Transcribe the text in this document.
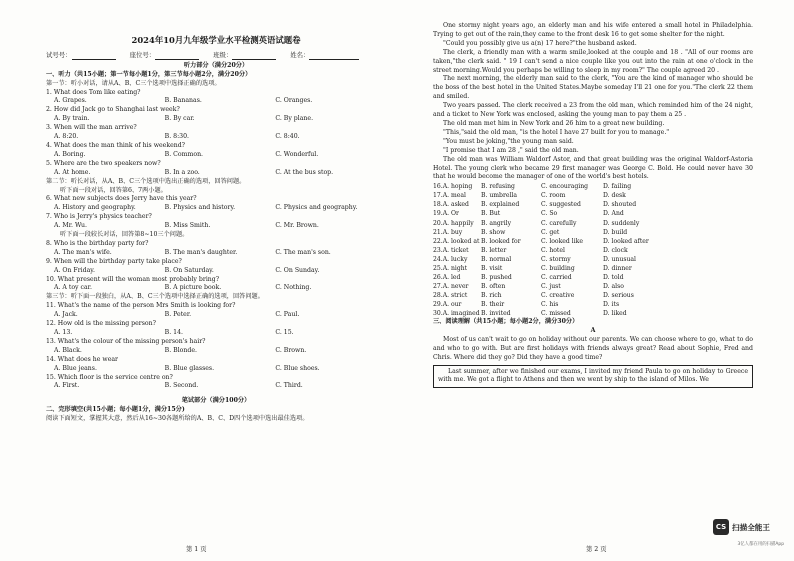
2024年10月九年级学业水平检测英语试题卷
试号号：	座位号：	班级：	姓名：
听力部分（满分20分）
一、听力（共15小题；第一节每小题1分，第三节每小题2分，满分20分）
第一节：听小对话，请从A、B、C三个选项中选择正确的选项。
1. What does Tom like eating?
A. Grapes.	B. Bananas.	C. Oranges.
2. How did Jack go to Shanghai last week?
A. By train.	B. By car.	C. By plane.
3. When will the man arrive?
A. 8:20.	B. 8:30.	C. 8:40.
4. What does the man think of his weekend?
A. Boring.	B. Common.	C. Wonderful.
5. Where are the two speakers now?
A. At home.	B. In a zoo.	C. At the bus stop.
第二节：听长对话，从A、B、C三个选项中选出正确的选项，回答问题。
听下面一段对话，回答第6、7两小题。
6. What new subjects does Jerry have this year?
A. History and geography.	B. Physics and history.	C. Physics and geography.
7. Who is Jerry's physics teacher?
A. Mr. Wu.	B. Miss Smith.	C. Mr. Brown.
听下面一段较长对话，回答第8~10三个问题。
8. Who is the birthday party for?
A. The man's wife.	B. The man's daughter.	C. The man's son.
9. When will the birthday party take place?
A. On Friday.	B. On Saturday.	C. On Sunday.
10. What present will the woman most probably bring?
A. A toy car.	B. A picture book.	C. Nothing.
第三节：听下面一段独白，从A、B、C三个选项中选择正确的选项，回答问题。
11. What's the name of the person Mrs Smith is looking for?
A. Jack.	B. Peter.	C. Paul.
12. How old is the missing person?
A. 13.	B. 14.	C. 15.
13. What's the colour of the missing person's hair?
A. Black.	B. Blonde.	C. Brown.
14. What does he wear
A. Blue jeans.	B. Blue glasses.	C. Blue shoes.
15. Which floor is the service centre on?
A. First.	B. Second.	C. Third.
笔试部分（满分100分）
二、完形填空(共15小题；每小题1分，满分15分)
阅读下面短文，掌握其大意，然后从16~30各题所给的A、B、C、D四个选项中选出最佳选项。
One stormy night years ago, an elderly man and his wife entered a small hotel in Philadelphia. Trying to get out of the rain,they came to the front desk 16 to get some shelter for the night.
"Could you possibly give us a(n) 17 here?"the husband asked.
The clerk, a friendly man with a warm smile,looked at the couple and 18 . "All of our rooms are taken,"the clerk said. " 19 I can't send a nice couple like you out into the rain at one o'clock in the street morning.Would you perhaps be willing to sleep in my room?" The couple agreed 20 .
The next morning, the elderly man said to the clerk, "You are the kind of manager who should be the boss of the best hotel in the United States.Maybe someday I'll 21 one for you."The clerk 22 them and smiled.
Two years passed. The clerk received a 23 from the old man, which reminded him of the 24 night, and a ticket to New York was enclosed, asking the young man to pay them a 25 .
The old man met him in New York and 26 him to a great new building.
"This,"said the old man, "is the hotel I have 27 built for you to manage."
"You must be joking,"the young man said.
"I promise that I am 28 ," said the old man.
The old man was William Waldorf Astor, and that great building was the original Waldorf-Astoria Hotel. The young clerk who became 29 first manager was George C. Bold. He could never have 30 that he would become the manager of one of the world's best hotels.
16.A. hoping	B. refusing	C. encouraging	D. failing
17.A. meal	B. umbrella	C. room	D. desk
18.A. asked	B. explained	C. suggested	D. shouted
19.A. Or	B. But	C. So	D. And
20.A. happily	B. angrily	C. carefully	D. suddenly
21.A. buy	B. show	C. get	D. build
22.A. looked at B. looked for	C. looked like	D. looked after
23.A. ticket	B. letter	C. hotel	D. clock
24.A. lucky	B. normal	C. stormy	D. unusual
25.A. night	B. visit	C. building	D. dinner
26.A. led	B. pushed	C. carried	D. told
27.A. never	B. often	C. just	D. also
28.A. strict	B. rich	C. creative	D. serious
29.A. our	B. their	C. his	D. its
30.A. imagined B. invited	C. missed	D. liked
三、阅读理解（共15小题；每小题2分，满分30分）
A
Most of us can't wait to go on holiday without our parents. We can choose where to go, what to do and who to go with. But are first holidays with friends always great? Read about Sophie, Fred and Chris. Where did they go? Did they have a good time?
Last summer, after we finished our exams, I invited my friend Paula to go on holiday to Greece with me. We got a flight to Athens and then we went by ship to the island of Milos. We
第 1 页	第 2 页
CS 扫描全能王
3亿人都在用的扫描App
